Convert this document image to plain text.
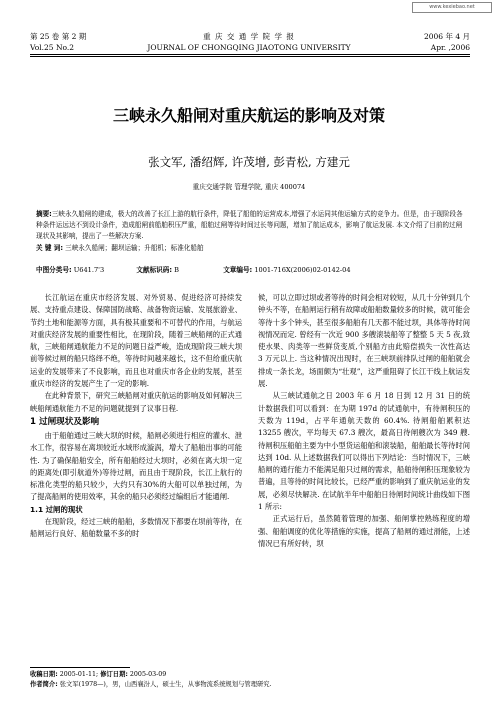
www.kexiebao.net
第 25 卷 第 2 期	重 庆 交 通 学 院 学 报	2006 年 4 月
Vol.25 No.2	JOURNAL OF CHONGQING JIAOTONG UNIVERSITY	Apr. ,2006
三峡永久船闸对重庆航运的影响及对策
张文军, 潘绍辉, 许茂增, 彭青松, 方建元
重庆交通学院 管理学院, 重庆 400074
摘要:三峡永久船闸的建成，极大的改善了长江上游的航行条件，降低了船舶的运营成本,增强了水运同其他运输方式的竞争力。但是，由于现阶段各种条件运远达不到设计条件，造成船闸前船舶积压严重，船舶过闸等待时间过长等问题，增加了航运成本，影响了航运发展. 本文介绍了目前的过闸现状及其影响，提出了一些解决方案.
关 键 词: 三峡永久船闸；翻坝运输；升船机；标准化船舶
中图分类号: U641.7'3	文献标识码: B	文章编号: 1001-716X(2006)02-0142-04

长江航运在重庆市经济发展、对外贸易、促进经济可持续发展、支持重点建设、保障国防战略、战备物资运输、发展旅游业、节约土地和能源等方面，具有极其重要和不可替代的作用，与航运对重庆经济发展的重要性相比，在现阶段，随着三峡船闸的正式通航，三峡船闸通航能力不足的问题日益严峻，造成现阶段三峡大坝前等候过闸的船只络绎不绝，等待时间越来越长，这不但给重庆航运业的发展带来了不良影响，而且也对重庆市各企业的发展，甚至重庆市经济的发展产生了一定的影响.

在此种背景下，研究三峡船闸对重庆航运的影响及如何解决三峡船闸通航能力不足的问题就提到了议事日程.

1 过闸现状及影响

由于船舶通过三峡大坝的时候，船闸必须进行相应的灌水、泄水工作，很容易在离坝较近水域形成漩涡，增大了船舶出事的可能性. 为了确保船舶安全，所有船舶经过大坝时，必须在离大坝一定的距离处(即引航道外)等待过闸，而且由于现阶段，长江上航行的标准化类型的船只较少，大约只有30%的大船可以单独过闸，为了提高船闸的使用效率，其余的船只必须经过编组后才能通闸.

1.1 过闸的现状

在现阶段，经过三峡的船舶，多数情况下都要在坝前等待，在船闸运行良好、船舶数量不多的时

候，可以立即过坝或者等待的时间会相对较短，从几十分钟到几个钟头不等，在船闸运行稍有故障或船舶数量较多的时候，就可能会等待十多个钟头，甚至很多船舶有几天都不能过坝，具体等待时间视情况而定. 曾经有一次近 900 多艘滚装船等了整整 5 天 5 夜,致使水果、肉类等一些鲜货变质,个别船方由此赔偿损失一次性高达 3 万元以上. 当这种情况出现时，在三峡坝前排队过闸的船舶就会排成一条长龙，场面颇为“壮观”，这严重阻碍了长江干线上航运发展.

从三峡试通航之日 2003 年 6 月 18 日到 12 月 31 日的统计数据我们可以看到：在为期 197d 的试通航中，有待闸积压的天数为 119d，占平年通航天数的 60.4%. 待闸船舶累积达 13255 艘次，平均每天 67.3 艘次，最高日待闸艘次为 349 艘. 待闸积压船舶主要为中小型货运船舶和滚装船，船舶最长等待时间达到 10d. 从上述数据我们可以得出下列结论：当时情况下，三峡船闸的通行能力不能满足船只过闸的需求，船舶待闸积压现象较为普遍，且等待的时间比较长，已经严重的影响到了重庆航运业的发展，必须尽快解决. 在试航半年中船舶日待闸时间统计曲线如下图 1 所示:

正式运行后，虽然随着管理的加强、船闸掌控熟练程度的增强、船舶调度的优化等措施的实施，提高了船闸的通过滑能，上述情况已有所好转，坝

收稿日期: 2005-01-11; 修订日期: 2005-03-09
作者简介: 张文军(1978—)，男，山西襄汾人，硕士生，从事物流系统规划与管理研究.
